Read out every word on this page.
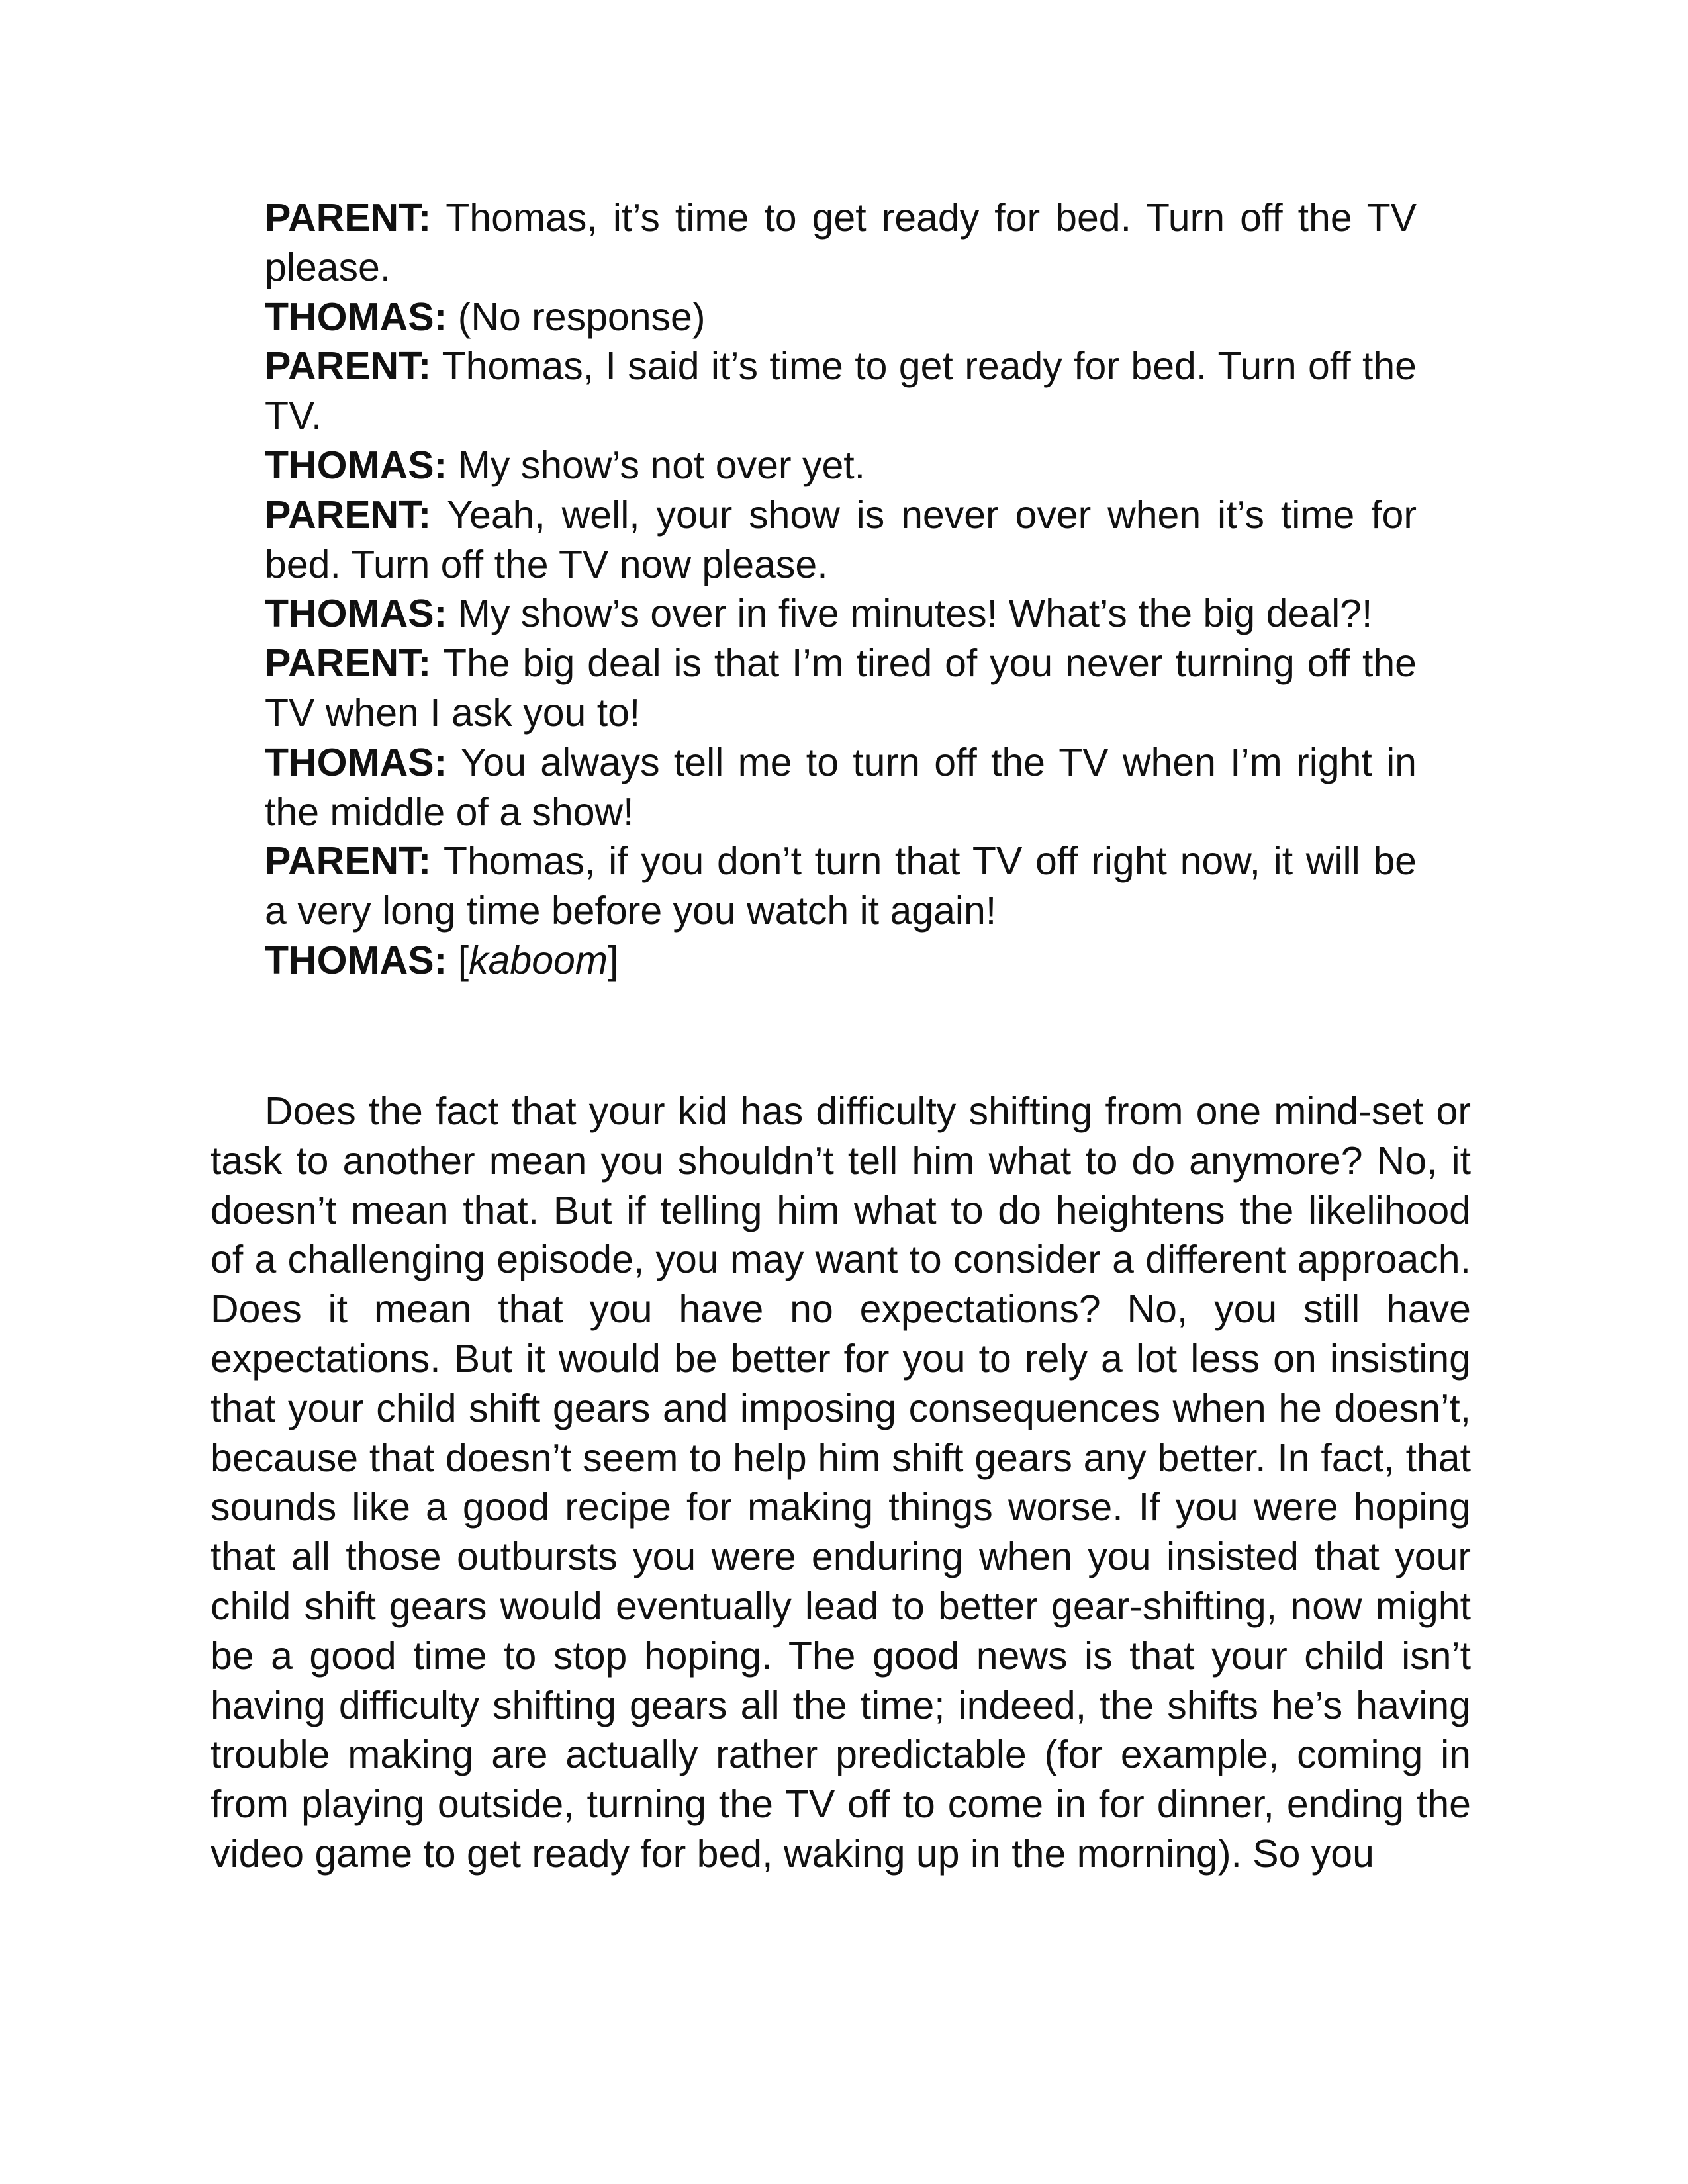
PARENT: Thomas, it’s time to get ready for bed. Turn off the TV please.

THOMAS: (No response)

PARENT: Thomas, I said it’s time to get ready for bed. Turn off the TV.

THOMAS: My show’s not over yet.

PARENT: Yeah, well, your show is never over when it’s time for bed. Turn off the TV now please.

THOMAS: My show’s over in five minutes! What’s the big deal?!

PARENT: The big deal is that I’m tired of you never turning off the TV when I ask you to!

THOMAS: You always tell me to turn off the TV when I’m right in the middle of a show!

PARENT: Thomas, if you don’t turn that TV off right now, it will be a very long time before you watch it again!

THOMAS: [kaboom]

Does the fact that your kid has difficulty shifting from one mind-set or task to another mean you shouldn’t tell him what to do anymore? No, it doesn’t mean that. But if telling him what to do heightens the likelihood of a challenging episode, you may want to consider a different approach. Does it mean that you have no expectations? No, you still have expectations. But it would be better for you to rely a lot less on insisting that your child shift gears and imposing consequences when he doesn’t, because that doesn’t seem to help him shift gears any better. In fact, that sounds like a good recipe for making things worse. If you were hoping that all those outbursts you were enduring when you insisted that your child shift gears would eventually lead to better gear-shifting, now might be a good time to stop hoping. The good news is that your child isn’t having difficulty shifting gears all the time; indeed, the shifts he’s having trouble making are actually rather predictable (for example, coming in from playing outside, turning the TV off to come in for dinner, ending the video game to get ready for bed, waking up in the morning). So you
